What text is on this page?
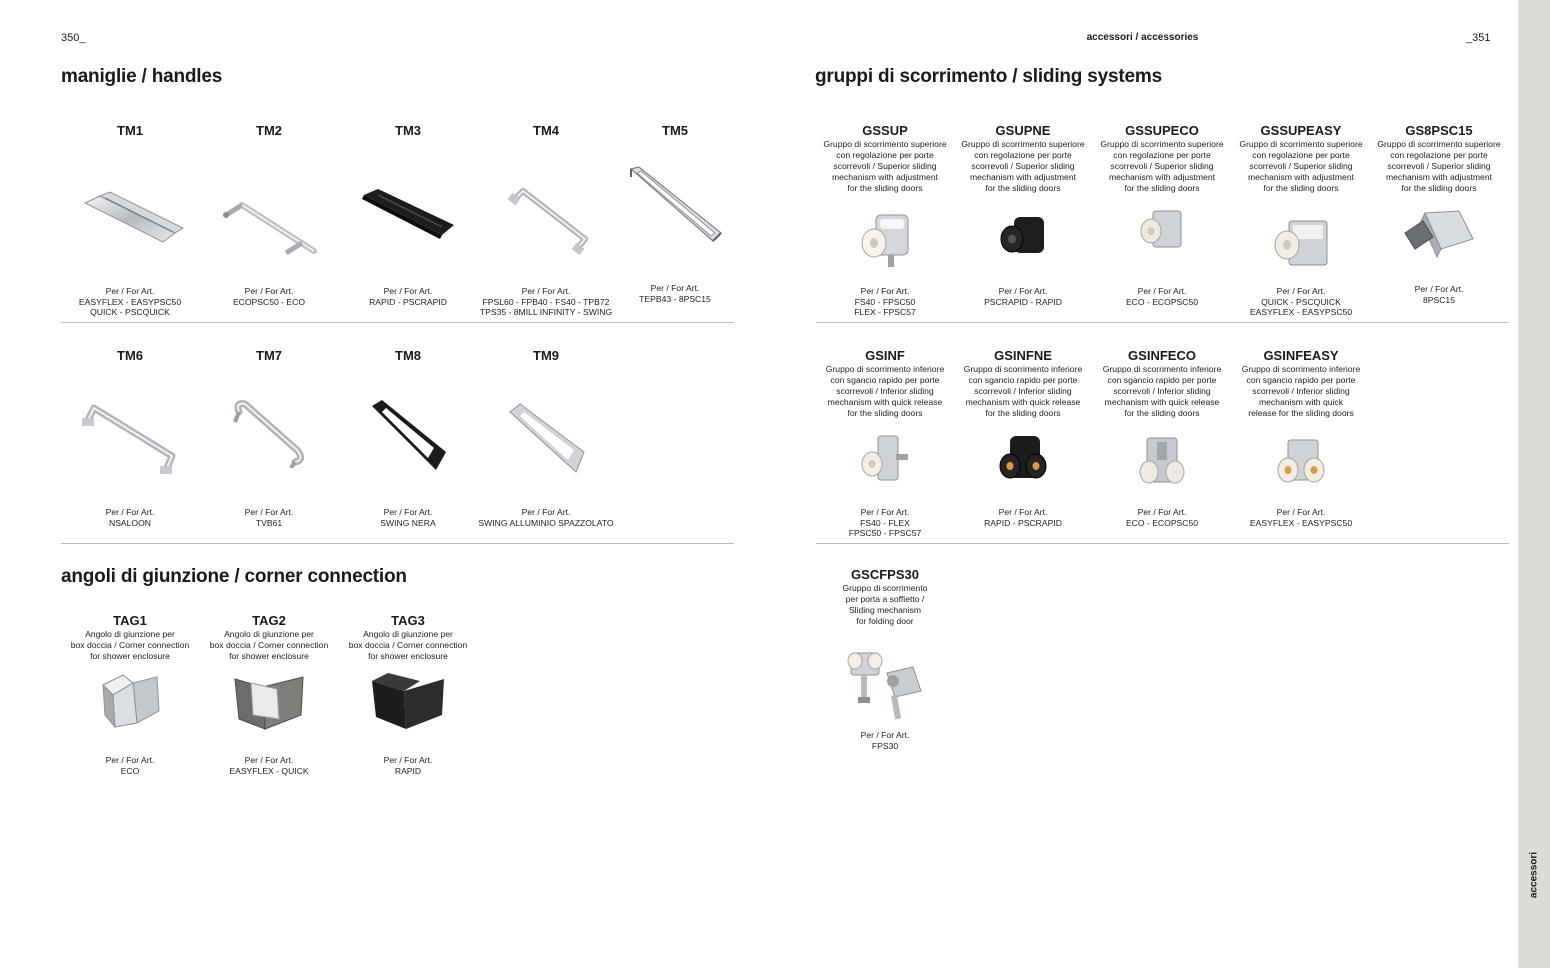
350_	accessori / accessories	_351
accessori
maniglie / handles
angoli di giunzione / corner connection
gruppi di scorrimento / sliding systems
TM1
Per / For Art.
EASYFLEX - EASYPSC50
QUICK - PSCQUICK
TM2
Per / For Art.
ECOPSC50 - ECO
TM3
Per / For Art.
RAPID - PSCRAPID
TM4
Per / For Art.
FPSL60 - FPB40 - FS40 - TPB72
TPS35 - 8MILL INFINITY - SWING
TM5
Per / For Art.
TEPB43 - 8PSC15
TM6
Per / For Art.
NSALOON
TM7
Per / For Art.
TVB61
TM8
Per / For Art.
SWING NERA
TM9
Per / For Art.
SWING ALLUMINIO SPAZZOLATO
TAG1
Angolo di giunzione per
box doccia / Corner connection
for shower enclosure
Per / For Art.
ECO
TAG2
Angolo di giunzione per
box doccia / Corner connection
for shower enclosure
Per / For Art.
EASYFLEX - QUICK
TAG3
Angolo di giunzione per
box doccia / Corner connection
for shower enclosure
Per / For Art.
RAPID
GSSUP
Gruppo di scorrimento superiore
con regolazione per porte
scorrevoli / Superior sliding
mechanism with adjustment
for the sliding doors
Per / For Art.
FS40 - FPSC50
FLEX - FPSC57
GSUPNE
Gruppo di scorrimento superiore
con regolazione per porte
scorrevoli / Superior sliding
mechanism with adjustment
for the sliding doors
Per / For Art.
PSCRAPID - RAPID
GSSUPECO
Gruppo di scorrimento superiore
con regolazione per porte
scorrevoli / Superior sliding
mechanism with adjustment
for the sliding doors
Per / For Art.
ECO - ECOPSC50
GSSUPEASY
Gruppo di scorrimento superiore
con regolazione per porte
scorrevoli / Superior sliding
mechanism with adjustment
for the sliding doors
Per / For Art.
QUICK - PSCQUICK
EASYFLEX - EASYPSC50
GS8PSC15
Gruppo di scorrimento superiore
con regolazione per porte
scorrevoli / Superior sliding
mechanism with adjustment
for the sliding doors
Per / For Art.
8PSC15
GSINF
Gruppo di scorrimento inferiore
con sgancio rapido per porte
scorrevoli / Inferior sliding
mechanism with quick release
for the sliding doors
Per / For Art.
FS40 - FLEX
FPSC50 - FPSC57
GSINFNE
Gruppo di scorrimento inferiore
con sgancio rapido per porte
scorrevoli / Inferior sliding
mechanism with quick release
for the sliding doors
Per / For Art.
RAPID - PSCRAPID
GSINFECO
Gruppo di scorrimento inferiore
con sgancio rapido per porte
scorrevoli / Inferior sliding
mechanism with quick release
for the sliding doors
Per / For Art.
ECO - ECOPSC50
GSINFEASY
Gruppo di scorrimento inferiore
con sgancio rapido per porte
scorrevoli / Inferior sliding
mechanism with quick
release for the sliding doors
Per / For Art.
EASYFLEX - EASYPSC50
GSCFPS30
Gruppo di scorrimento
per porta a soffietto /
Sliding mechanism
for folding door
Per / For Art.
FPS30
